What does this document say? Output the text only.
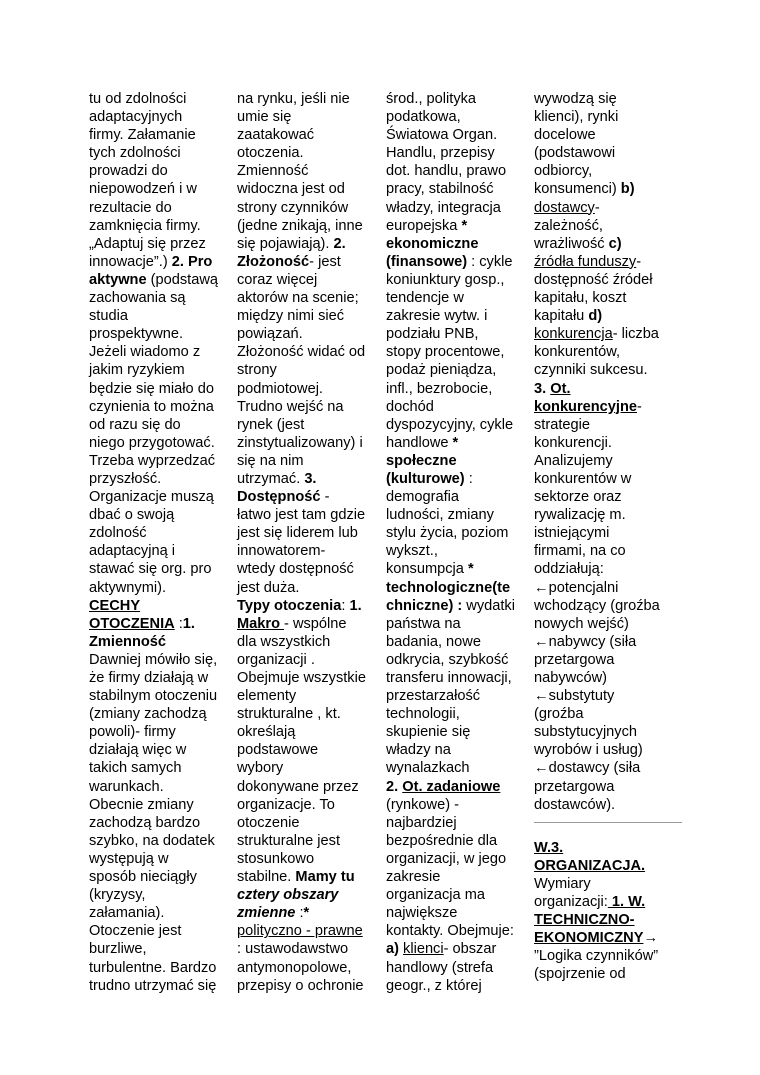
tu od zdolności
adaptacyjnych
firmy. Załamanie
tych zdolności
prowadzi do
niepowodzeń i w
rezultacie do
zamknięcia firmy.
„Adaptuj się przez
innowacje”.) 2. Pro
aktywne (podstawą
zachowania są
studia
prospektywne.
Jeżeli wiadomo z
jakim ryzykiem
będzie się miało do
czynienia to można
od razu się do
niego przygotować.
Trzeba wyprzedzać
przyszłość.
Organizacje muszą
dbać o swoją
zdolność
adaptacyjną i
stawać się org. pro
aktywnymi).
CECHY
OTOCZENIA :1.
Zmienność
Dawniej mówiło się,
że firmy działają w
stabilnym otoczeniu
(zmiany zachodzą
powoli)- firmy
działają więc w
takich samych
warunkach.
Obecnie zmiany
zachodzą bardzo
szybko, na dodatek
występują w
sposób nieciągły
(kryzysy,
załamania).
Otoczenie jest
burzliwe,
turbulentne. Bardzo
trudno utrzymać się
na rynku, jeśli nie
umie się
zaatakować
otoczenia.
Zmienność
widoczna jest od
strony czynników
(jedne znikają, inne
się pojawiają). 2.
Złożoność- jest
coraz więcej
aktorów na scenie;
między nimi sieć
powiązań.
Złożoność widać od
strony
podmiotowej.
Trudno wejść na
rynek (jest
zinstytualizowany) i
się na nim
utrzymać. 3.
Dostępność -
łatwo jest tam gdzie
jest się liderem lub
innowatorem-
wtedy dostępność
jest duża.
Typy otoczenia: 1.
Makro - wspólne
dla wszystkich
organizacji .
Obejmuje wszystkie
elementy
strukturalne , kt.
określają
podstawowe
wybory
dokonywane przez
organizacje. To
otoczenie
strukturalne jest
stosunkowo
stabilne. Mamy tu
cztery obszary
zmienne :*
polityczno - prawne
: ustawodawstwo
antymonopolowe,
przepisy o ochronie
środ., polityka
podatkowa,
Światowa Organ.
Handlu, przepisy
dot. handlu, prawo
pracy, stabilność
władzy, integracja
europejska *
ekonomiczne
(finansowe) : cykle
koniunktury gosp.,
tendencje w
zakresie wytw. i
podziału PNB,
stopy procentowe,
podaż pieniądza,
infl., bezrobocie,
dochód
dyspozycyjny, cykle
handlowe *
społeczne
(kulturowe) :
demografia
ludności, zmiany
stylu życia, poziom
wykszt.,
konsumpcja *
technologiczne(te
chniczne) : wydatki
państwa na
badania, nowe
odkrycia, szybkość
transferu innowacji,
przestarzałość
technologii,
skupienie się
władzy na
wynalazkach
2. Ot. zadaniowe
(rynkowe) -
najbardziej
bezpośrednie dla
organizacji, w jego
zakresie
organizacja ma
największe
kontakty. Obejmuje:
a) klienci- obszar
handlowy (strefa
geogr., z której
wywodzą się
klienci), rynki
docelowe
(podstawowi
odbiorcy,
konsumenci) b)
dostawcy-
zależność,
wrażliwość c)
źródła funduszy-
dostępność źródeł
kapitału, koszt
kapitału d)
konkurencja- liczba
konkurentów,
czynniki sukcesu.
3. Ot.
konkurencyjne-
strategie
konkurencji.
Analizujemy
konkurentów w
sektorze oraz
rywalizację m.
istniejącymi
firmami, na co
oddziałują:
←potencjalni
wchodzący (groźba
nowych wejść)
←nabywcy (siła
przetargowa
nabywców)
←substytuty
(groźba
substytucyjnych
wyrobów i usług)
←dostawcy (siła
przetargowa
dostawców).
W.3.
ORGANIZACJA.
Wymiary
organizacji: 1. W.
TECHNICZNO-
EKONOMICZNY→
”Logika czynników”
(spojrzenie od
